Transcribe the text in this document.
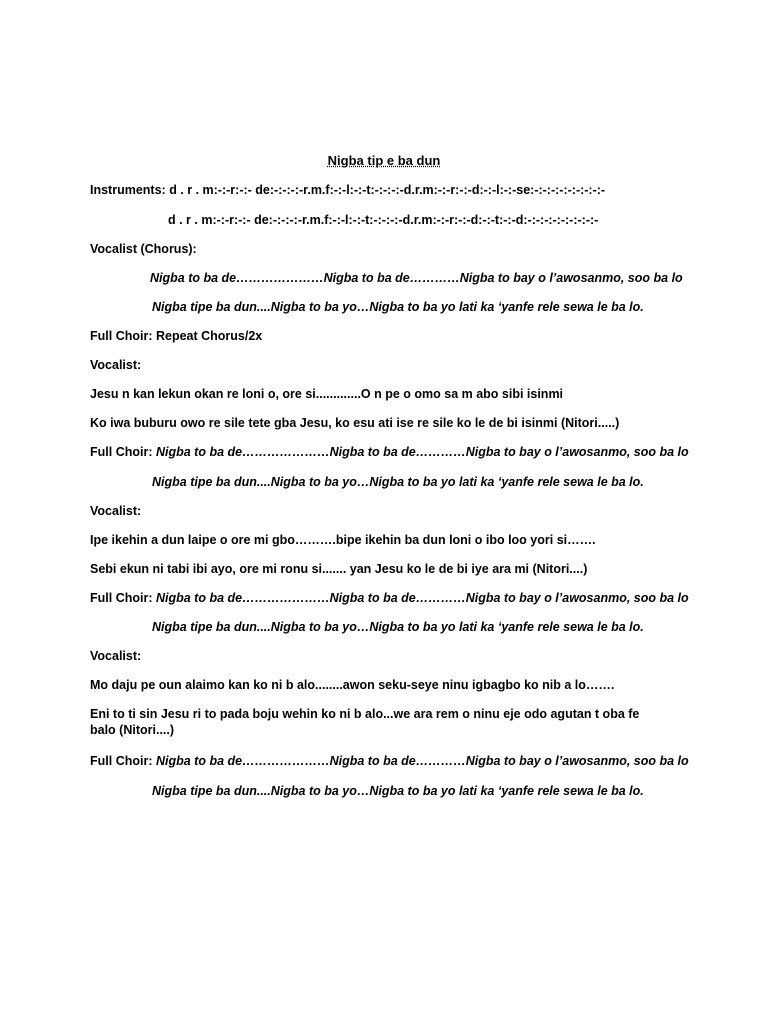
Nigba tip e ba dun
Instruments: d . r . m:-:-r:-:- de:-:-:-:-r.m.f:-:-l:-:-t:-:-:-:-d.r.m:-:-r:-:-d:-:-l:-:-se:-:-:-:-:-:-:-:-:-
d . r . m:-:-r:-:- de:-:-:-:-r.m.f:-:-l:-:-t:-:-:-:-d.r.m:-:-r:-:-d:-:-t:-:-d:-:-:-:-:-:-:-:-:-
Vocalist (Chorus):
Nigba to ba de…………………Nigba to ba de…………Nigba to bay o l’awosanmo, soo ba lo
Nigba tipe ba dun....Nigba to ba yo…Nigba to ba yo lati ka ‘yanfe rele sewa le ba lo.
Full Choir: Repeat Chorus/2x
Vocalist:
Jesu n kan lekun okan re loni o, ore si.............O n pe o omo sa m abo sibi isinmi
Ko iwa buburu owo re sile tete gba Jesu, ko esu ati ise re sile ko le de bi isinmi (Nitori.....)
Full Choir: Nigba to ba de…………………Nigba to ba de…………Nigba to bay o l’awosanmo, soo ba lo
Nigba tipe ba dun....Nigba to ba yo…Nigba to ba yo lati ka ‘yanfe rele sewa le ba lo.
Vocalist:
Ipe ikehin a dun laipe o ore mi gbo……….bipe ikehin ba dun loni o ibo loo yori si…….
Sebi ekun ni tabi ibi ayo, ore mi ronu si....... yan Jesu ko le de bi iye ara mi (Nitori....)
Full Choir: Nigba to ba de…………………Nigba to ba de…………Nigba to bay o l’awosanmo, soo ba lo
Nigba tipe ba dun....Nigba to ba yo…Nigba to ba yo lati ka ‘yanfe rele sewa le ba lo.
Vocalist:
Mo daju pe oun alaimo kan ko ni b alo........awon seku-seye ninu igbagbo ko nib a lo…….
Eni to ti sin Jesu ri to pada boju wehin ko ni b alo...we ara rem o ninu eje odo agutan t oba fe balo (Nitori....)
Full Choir: Nigba to ba de…………………Nigba to ba de…………Nigba to bay o l’awosanmo, soo ba lo
Nigba tipe ba dun....Nigba to ba yo…Nigba to ba yo lati ka ‘yanfe rele sewa le ba lo.
